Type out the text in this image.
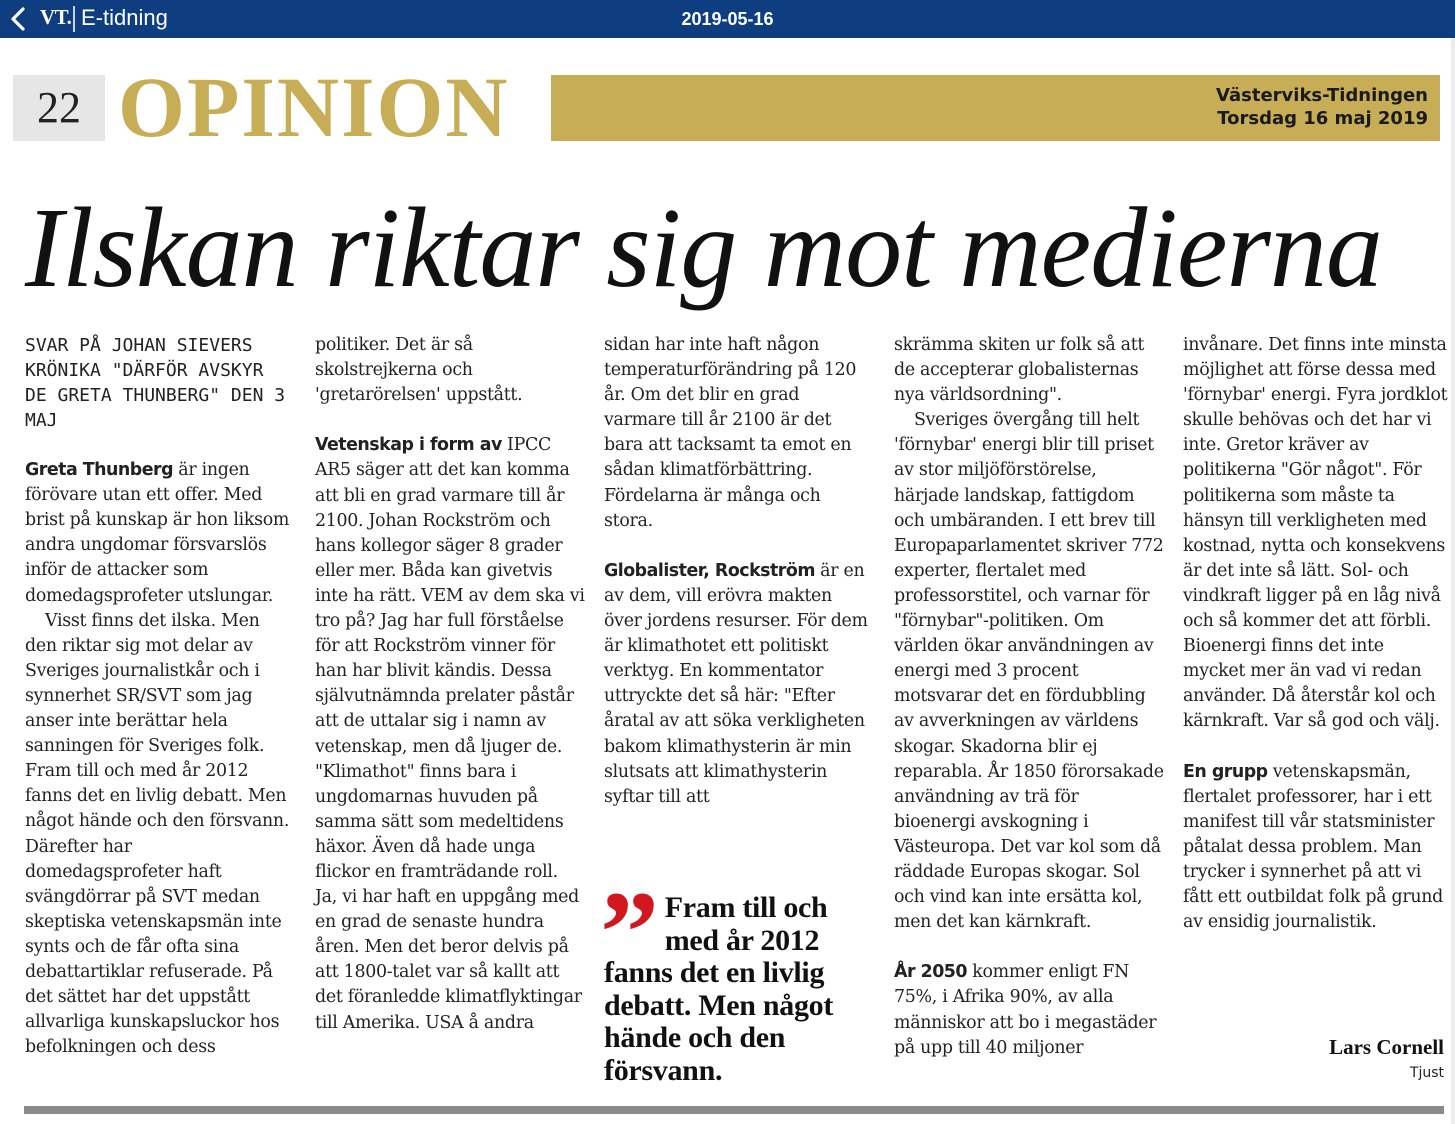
VT. E-tidning	2019-05-16
22 OPINION	Västerviks-Tidningen
Torsdag 16 maj 2019
Ilskan riktar sig mot medierna

SVAR PÅ JOHAN SIEVERS KRÖNIKA "DÄRFÖR AVSKYR DE GRETA THUNBERG" DEN 3 MAJ

Greta Thunberg är ingen förövare utan ett offer. Med brist på kunskap är hon liksom andra ungdomar försvarslös inför de attacker som domedagsprofeter utslungar.

Visst finns det ilska. Men den riktar sig mot delar av Sveriges journalistkår och i synnerhet SR/SVT som jag anser inte berättar hela sanningen för Sveriges folk. Fram till och med år 2012 fanns det en livlig debatt. Men något hände och den försvann. Därefter har domedagsprofeter haft svängdörrar på SVT medan skeptiska vetenskapsmän inte synts och de får ofta sina debattartiklar refuserade. På det sättet har det uppstått allvarliga kunskapsluckor hos befolkningen och dess

politiker. Det är så skolstrejkerna och 'gretarörelsen' uppstått.

Vetenskap i form av IPCC AR5 säger att det kan komma att bli en grad varmare till år 2100. Johan Rockström och hans kollegor säger 8 grader eller mer. Båda kan givetvis inte ha rätt. VEM av dem ska vi tro på? Jag har full förståelse för att Rockström vinner för han har blivit kändis. Dessa självutnämnda prelater påstår att de uttalar sig i namn av vetenskap, men då ljuger de. "Klimathot" finns bara i ungdomarnas huvuden på samma sätt som medeltidens häxor. Även då hade unga flickor en framträdande roll. Ja, vi har haft en uppgång med en grad de senaste hundra åren. Men det beror delvis på att 1800-talet var så kallt att det föranledde klimatflyktingar till Amerika. USA å andra

sidan har inte haft någon temperaturförändring på 120 år. Om det blir en grad varmare till år 2100 är det bara att tacksamt ta emot en sådan klimatförbättring. Fördelarna är många och stora.

Globalister, Rockström är en av dem, vill erövra makten över jordens resurser. För dem är klimathotet ett politiskt verktyg. En kommentator uttryckte det så här: "Efter åratal av att söka verkligheten bakom klimathysterin är min slutsats att klimathysterin syftar till att

” Fram till och med år 2012 fanns det en livlig debatt. Men något hände och den försvann.

skrämma skiten ur folk så att de accepterar globalisternas nya världsordning".

Sveriges övergång till helt 'förnybar' energi blir till priset av stor miljöförstörelse, härjade landskap, fattigdom och umbäranden. I ett brev till Europaparlamentet skriver 772 experter, flertalet med professorstitel, och varnar för "förnybar"-politiken. Om världen ökar användningen av energi med 3 procent motsvarar det en fördubbling av avverkningen av världens skogar. Skadorna blir ej reparabla. År 1850 förorsakade användning av trä för bioenergi avskogning i Västeuropa. Det var kol som då räddade Europas skogar. Sol och vind kan inte ersätta kol, men det kan kärnkraft.

År 2050 kommer enligt FN 75%, i Afrika 90%, av alla människor att bo i megastäder på upp till 40 miljoner

invånare. Det finns inte minsta möjlighet att förse dessa med 'förnybar' energi. Fyra jordklot skulle behövas och det har vi inte. Gretor kräver av politikerna "Gör något". För politikerna som måste ta hänsyn till verkligheten med kostnad, nytta och konsekvens är det inte så lätt. Sol- och vindkraft ligger på en låg nivå och så kommer det att förbli. Bioenergi finns det inte mycket mer än vad vi redan använder. Då återstår kol och kärnkraft. Var så god och välj.

En grupp vetenskapsmän, flertalet professorer, har i ett manifest till vår statsminister påtalat dessa problem. Man trycker i synnerhet på att vi fått ett outbildat folk på grund av ensidig journalistik.

Lars Cornell
Tjust
